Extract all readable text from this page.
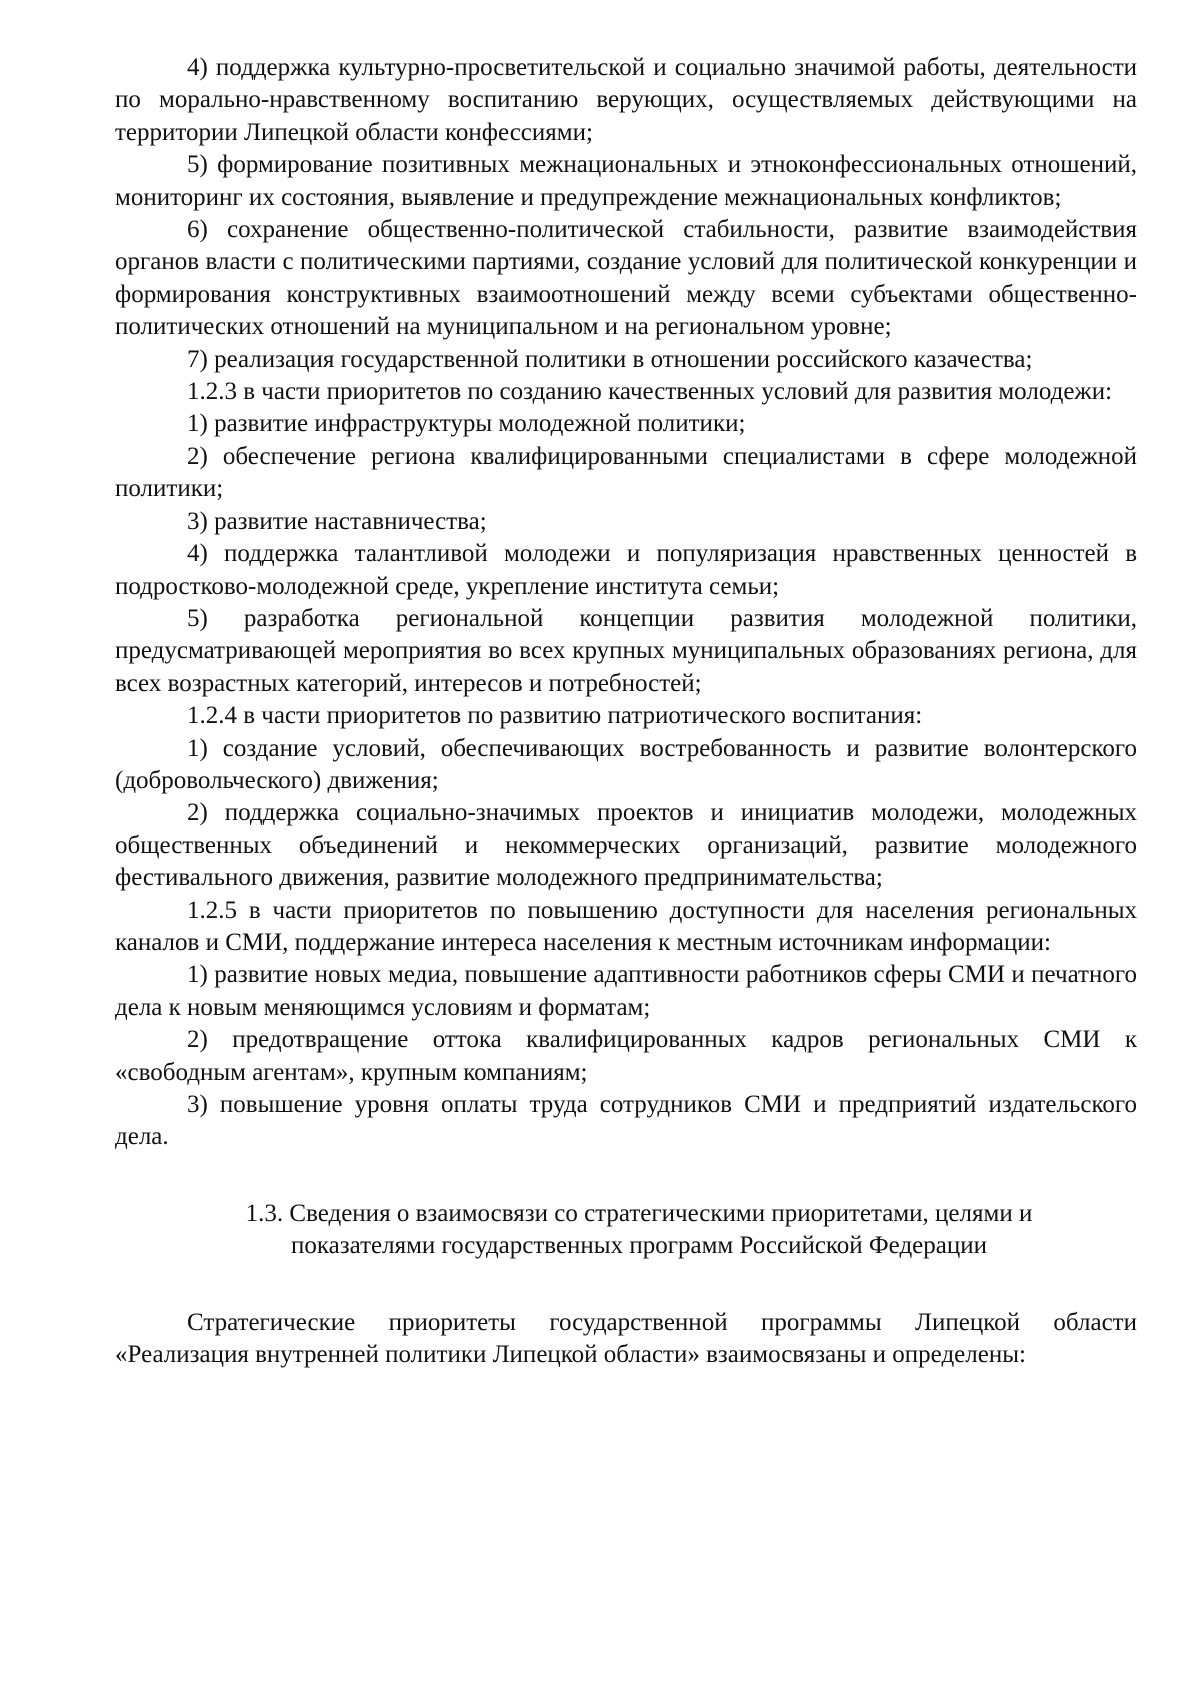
4) поддержка культурно-просветительской и социально значимой работы, деятельности по морально-нравственному воспитанию верующих, осуществляемых действующими на территории Липецкой области конфессиями;

5) формирование позитивных межнациональных и этноконфессиональных отношений, мониторинг их состояния, выявление и предупреждение межнациональных конфликтов;

6) сохранение общественно-политической стабильности, развитие взаимодействия органов власти с политическими партиями, создание условий для политической конкуренции и формирования конструктивных взаимоотношений между всеми субъектами общественно-политических отношений на муниципальном и на региональном уровне;

7) реализация государственной политики в отношении российского казачества;

1.2.3 в части приоритетов по созданию качественных условий для развития молодежи:

1) развитие инфраструктуры молодежной политики;

2) обеспечение региона квалифицированными специалистами в сфере молодежной политики;

3) развитие наставничества;

4) поддержка талантливой молодежи и популяризация нравственных ценностей в подростково-молодежной среде, укрепление института семьи;

5) разработка региональной концепции развития молодежной политики, предусматривающей мероприятия во всех крупных муниципальных образованиях региона, для всех возрастных категорий, интересов и потребностей;

1.2.4 в части приоритетов по развитию патриотического воспитания:

1) создание условий, обеспечивающих востребованность и развитие волонтерского (добровольческого) движения;

2) поддержка социально-значимых проектов и инициатив молодежи, молодежных общественных объединений и некоммерческих организаций, развитие молодежного фестивального движения, развитие молодежного предпринимательства;

1.2.5 в части приоритетов по повышению доступности для населения региональных каналов и СМИ, поддержание интереса населения к местным источникам информации:

1) развитие новых медиа, повышение адаптивности работников сферы СМИ и печатного дела к новым меняющимся условиям и форматам;

2) предотвращение оттока квалифицированных кадров региональных СМИ к «свободным агентам», крупным компаниям;

3) повышение уровня оплаты труда сотрудников СМИ и предприятий издательского дела.

1.3. Сведения о взаимосвязи со стратегическими приоритетами, целями и показателями государственных программ Российской Федерации

Стратегические приоритеты государственной программы Липецкой области «Реализация внутренней политики Липецкой области» взаимосвязаны и определены:
